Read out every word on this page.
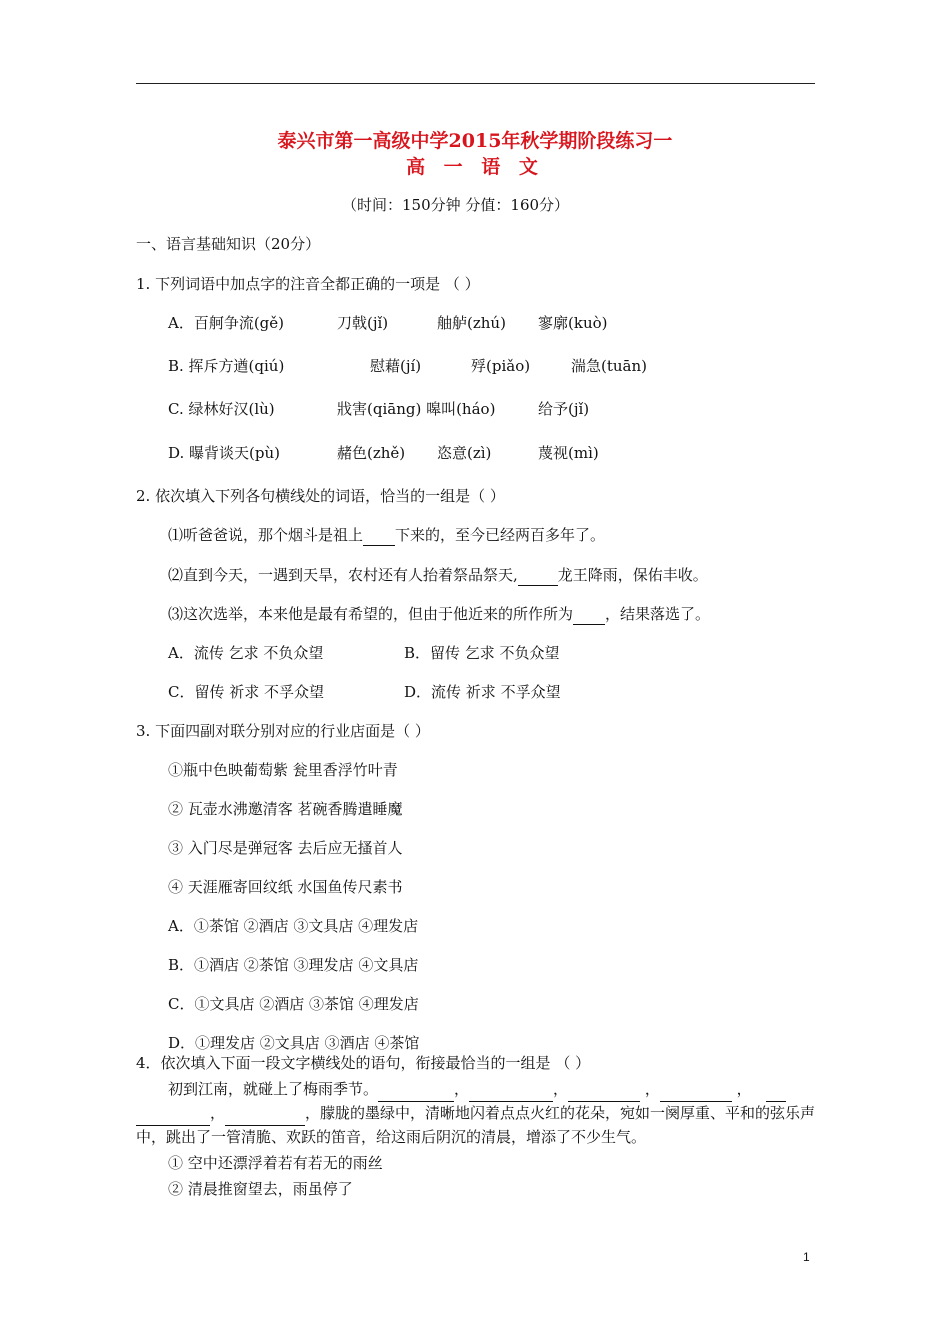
泰兴市第一高级中学2015年秋学期阶段练习一
高 一 语 文
（时间：150分钟 分值：160分）
一、语言基础知识（20分）
1. 下列词语中加点字的注音全都正确的一项是 （ ）
A．百舸争流(gě)	刀戟(jǐ)	舳舻(zhú) 寥廓(kuò)
B. 挥斥方遒(qiú)	慰藉(jí)	殍(piǎo)	湍急(tuān)
C. 绿林好汉(lù)	戕害(qiāng) 嗥叫(háo)	给予(jǐ)
D. 曝背谈天(pù)	赭色(zhě) 恣意(zì)	蔑视(mì)
2. 依次填入下列各句横线处的词语，恰当的一组是（ ）
⑴听爸爸说，那个烟斗是祖上 下来的，至今已经两百多年了。
⑵直到今天，一遇到天旱，农村还有人抬着祭品祭天,	龙王降雨，保佑丰收。
⑶这次选举，本来他是最有希望的，但由于他近来的所作所为 ，结果落选了。
A．流传 乞求 不负众望	B．留传 乞求 不负众望
C．留传 祈求 不孚众望	D．流传 祈求 不孚众望
3. 下面四副对联分别对应的行业店面是（ ）
①瓶中色映葡萄紫 瓮里香浮竹叶青
② 瓦壶水沸邀清客 茗碗香腾遣睡魔
③ 入门尽是弹冠客 去后应无搔首人
④ 天涯雁寄回纹纸 水国鱼传尺素书
A．①茶馆 ②酒店 ③文具店 ④理发店
B．①酒店 ②茶馆 ③理发店 ④文具店
C．①文具店 ②酒店 ③茶馆 ④理发店
D．①理发店 ②文具店 ③酒店 ④茶馆
4．依次填入下面一段文字横线处的语句，衔接最恰当的一组是 （ ）
初到江南，就碰上了梅雨季节。	，	，	，	，     ，	，朦胧的墨绿中，清晰地闪着点点火红的花朵，宛如一阕厚重、平和的弦乐声中，跳出了一管清脆、欢跃的笛音，给这雨后阴沉的清晨，增添了不少生气。
① 空中还漂浮着若有若无的雨丝
② 清晨推窗望去，雨虽停了
1
